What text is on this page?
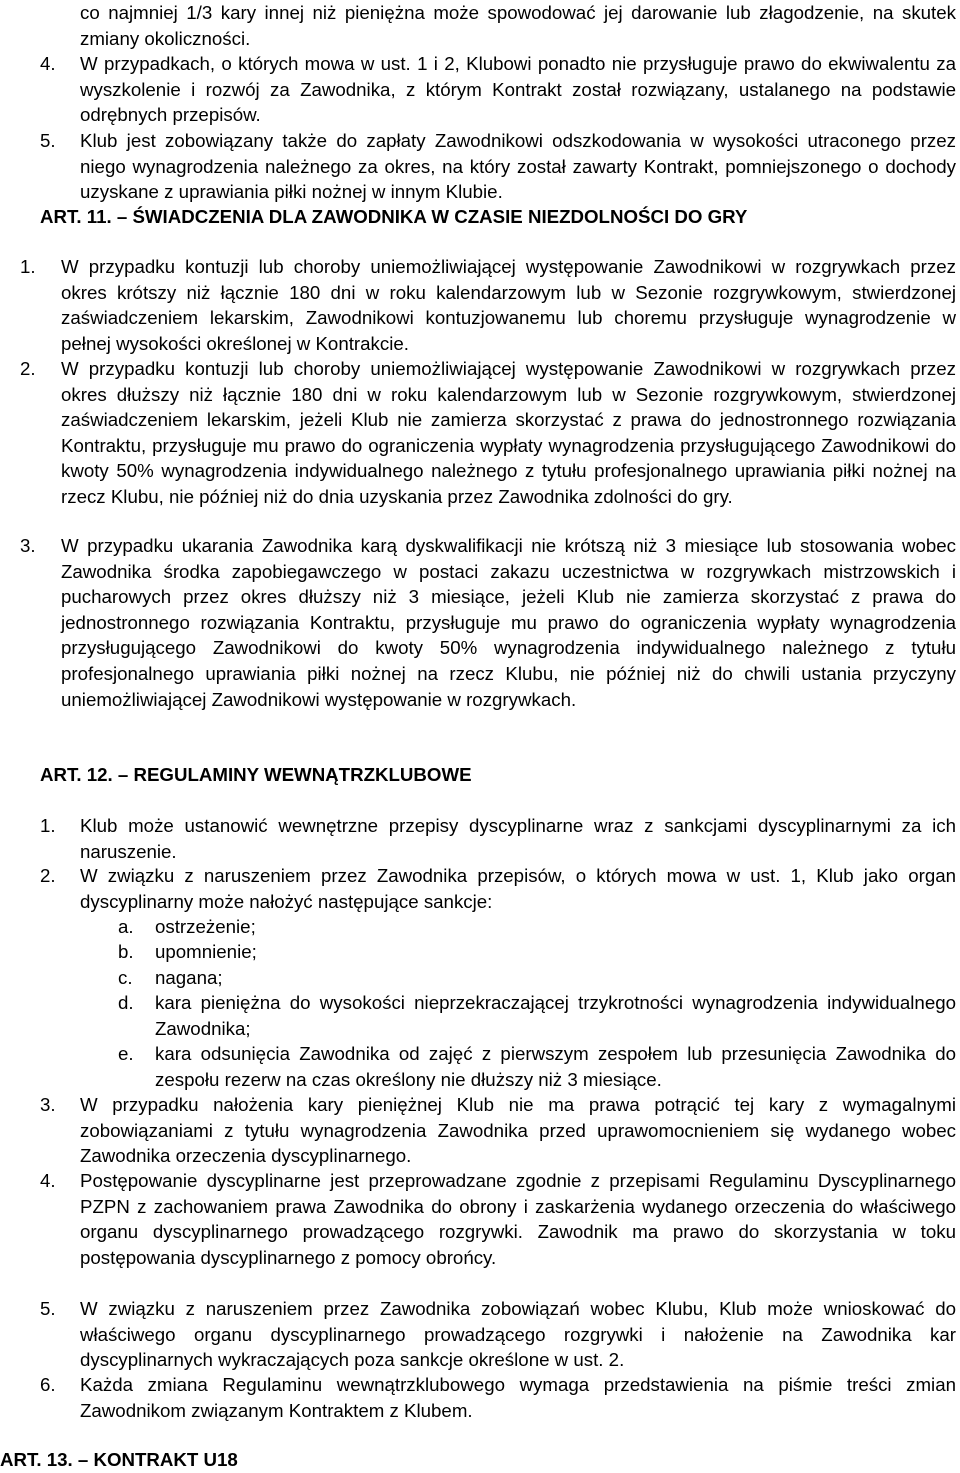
co najmniej 1/3 kary innej niż pieniężna może spowodować jej darowanie lub złagodzenie, na skutek zmiany okoliczności.

4.	W przypadkach, o których mowa w ust. 1 i 2, Klubowi ponadto nie przysługuje prawo do ekwiwalentu za wyszkolenie i rozwój za Zawodnika, z którym Kontrakt został rozwiązany, ustalanego na podstawie odrębnych przepisów.

5.	Klub jest zobowiązany także do zapłaty Zawodnikowi odszkodowania w wysokości utraconego przez niego wynagrodzenia należnego za okres, na który został zawarty Kontrakt, pomniejszonego o dochody uzyskane z uprawiania piłki nożnej w innym Klubie.

ART. 11. – ŚWIADCZENIA DLA ZAWODNIKA W CZASIE NIEZDOLNOŚCI DO GRY

1.	W przypadku kontuzji lub choroby uniemożliwiającej występowanie Zawodnikowi w rozgrywkach przez okres krótszy niż łącznie 180 dni w roku kalendarzowym lub w Sezonie rozgrywkowym, stwierdzonej zaświadczeniem lekarskim, Zawodnikowi kontuzjowanemu lub choremu przysługuje wynagrodzenie w pełnej wysokości określonej w Kontrakcie.

2.	W przypadku kontuzji lub choroby uniemożliwiającej występowanie Zawodnikowi w rozgrywkach przez okres dłuższy niż łącznie 180 dni w roku kalendarzowym lub w Sezonie rozgrywkowym, stwierdzonej zaświadczeniem lekarskim, jeżeli Klub nie zamierza skorzystać z prawa do jednostronnego rozwiązania Kontraktu, przysługuje mu prawo do ograniczenia wypłaty wynagrodzenia przysługującego Zawodnikowi do kwoty 50% wynagrodzenia indywidualnego należnego z tytułu profesjonalnego uprawiania piłki nożnej na rzecz Klubu, nie później niż do dnia uzyskania przez Zawodnika zdolności do gry.

3.	W przypadku ukarania Zawodnika karą dyskwalifikacji nie krótszą niż 3 miesiące lub stosowania wobec Zawodnika środka zapobiegawczego w postaci zakazu uczestnictwa w rozgrywkach mistrzowskich i pucharowych przez okres dłuższy niż 3 miesiące, jeżeli Klub nie zamierza skorzystać z prawa do jednostronnego rozwiązania Kontraktu, przysługuje mu prawo do ograniczenia wypłaty wynagrodzenia przysługującego Zawodnikowi do kwoty 50% wynagrodzenia indywidualnego należnego z tytułu profesjonalnego uprawiania piłki nożnej na rzecz Klubu, nie później niż do chwili ustania przyczyny uniemożliwiającej Zawodnikowi występowanie w rozgrywkach.

ART. 12. – REGULAMINY WEWNĄTRZKLUBOWE

1.	Klub może ustanowić wewnętrzne przepisy dyscyplinarne wraz z sankcjami dyscyplinarnymi za ich naruszenie.

2.	W związku z naruszeniem przez Zawodnika przepisów, o których mowa w ust. 1, Klub jako organ dyscyplinarny może nałożyć następujące sankcje:

a.	ostrzeżenie;

b.	upomnienie;

c.	nagana;

d.	kara pieniężna do wysokości nieprzekraczającej trzykrotności wynagrodzenia indywidualnego Zawodnika;

e.	kara odsunięcia Zawodnika od zajęć z pierwszym zespołem lub przesunięcia Zawodnika do zespołu rezerw na czas określony nie dłuższy niż 3 miesiące.

3.	W przypadku nałożenia kary pieniężnej Klub nie ma prawa potrącić tej kary z wymagalnymi zobowiązaniami z tytułu wynagrodzenia Zawodnika przed uprawomocnieniem się wydanego wobec Zawodnika orzeczenia dyscyplinarnego.

4.	Postępowanie dyscyplinarne jest przeprowadzane zgodnie z przepisami Regulaminu Dyscyplinarnego PZPN z zachowaniem prawa Zawodnika do obrony i zaskarżenia wydanego orzeczenia do właściwego organu dyscyplinarnego prowadzącego rozgrywki. Zawodnik ma prawo do skorzystania w toku postępowania dyscyplinarnego z pomocy obrońcy.

5.	W związku z naruszeniem przez Zawodnika zobowiązań wobec Klubu, Klub może wnioskować do właściwego organu dyscyplinarnego prowadzącego rozgrywki i nałożenie na Zawodnika kar dyscyplinarnych wykraczających poza sankcje określone w ust. 2.

6.	Każda zmiana Regulaminu wewnątrzklubowego wymaga przedstawienia na piśmie treści zmian Zawodnikom związanym Kontraktem z Klubem.

ART. 13. – KONTRAKT U18
